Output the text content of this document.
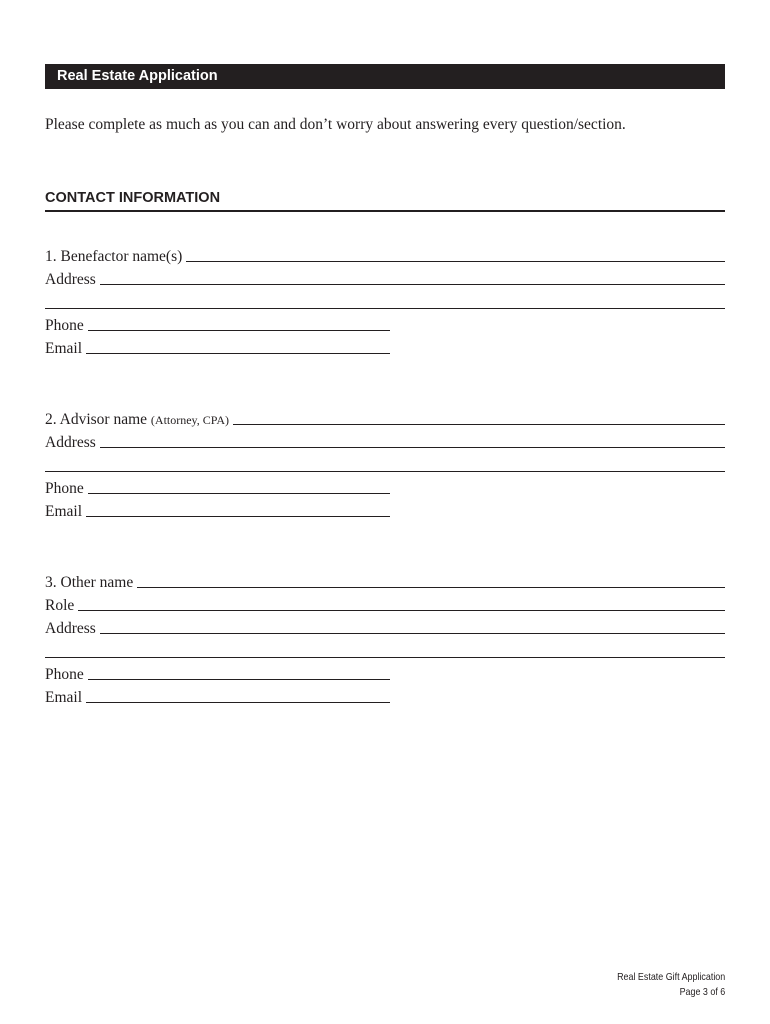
Real Estate Application
Please complete as much as you can and don’t worry about answering every question/section.
CONTACT INFORMATION
1. Benefactor name(s)
Address
Phone
Email
2. Advisor name (Attorney, CPA)
Address
Phone
Email
3. Other name
Role
Address
Phone
Email
Real Estate Gift Application
Page 3 of 6
